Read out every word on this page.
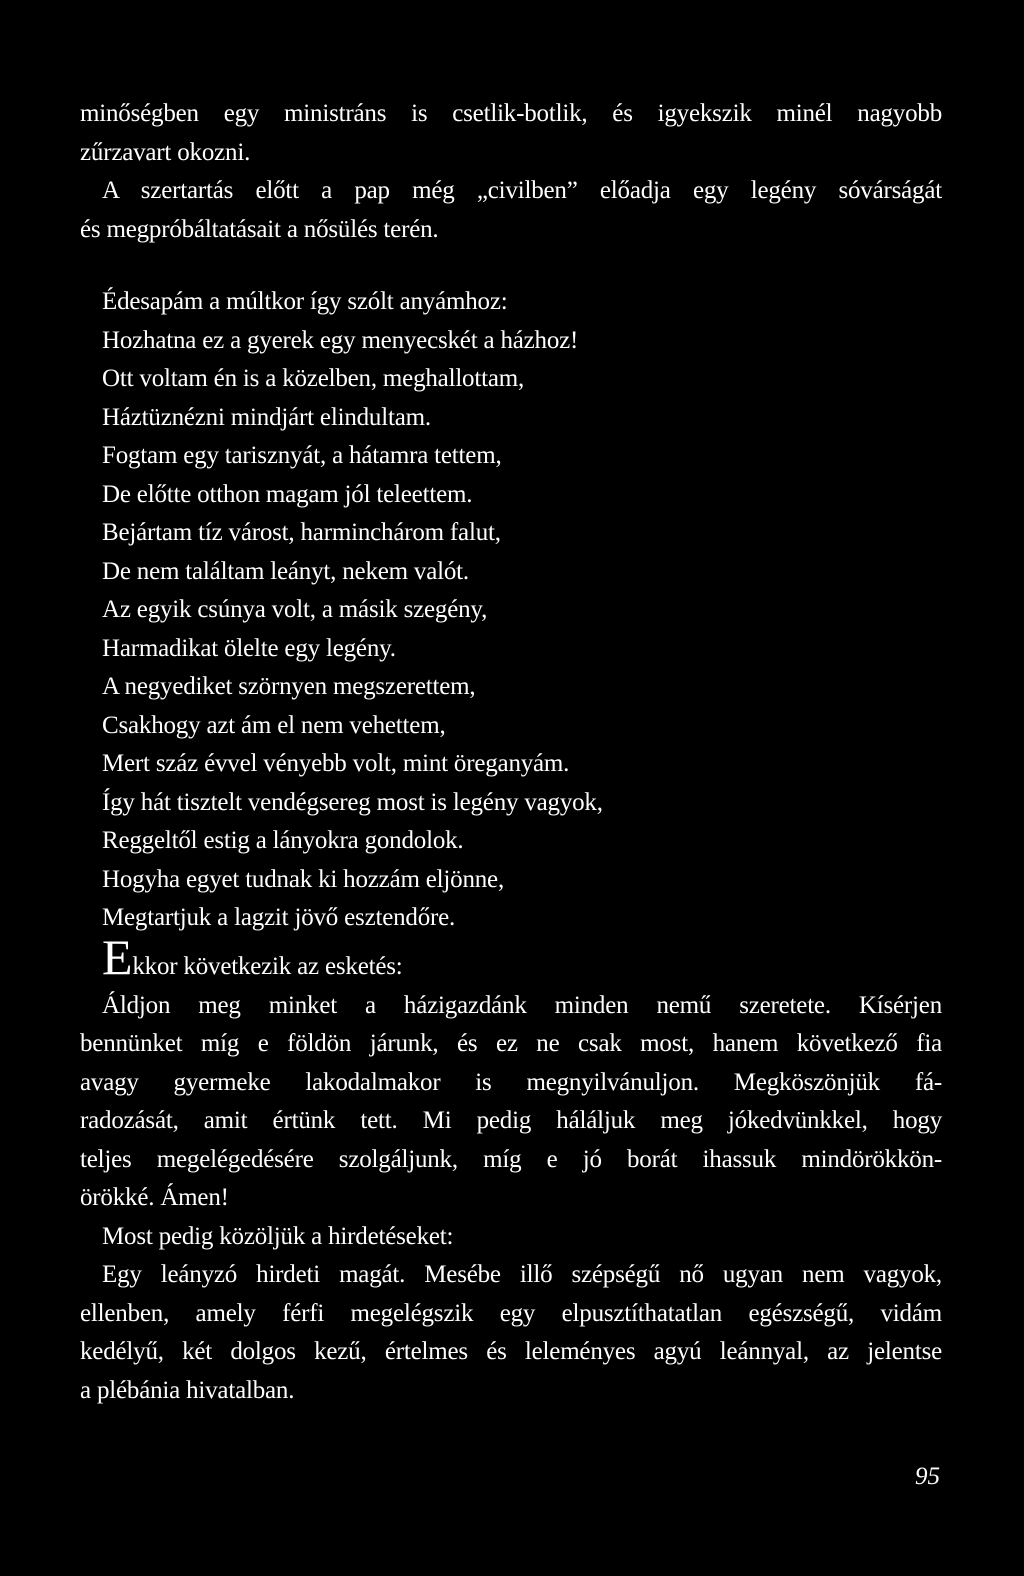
minőségben egy ministráns is csetlik-botlik, és igyekszik minél nagyobb
zűrzavart okozni.
A szertartás előtt a pap még „civilben” előadja egy legény sóvárságát
és megpróbáltatásait a nősülés terén.
Édesapám a múltkor így szólt anyámhoz:
Hozhatna ez a gyerek egy menyecskét a házhoz!
Ott voltam én is a közelben, meghallottam,
Háztüznézni mindjárt elindultam.
Fogtam egy tarisznyát, a hátamra tettem,
De előtte otthon magam jól teleettem.
Bejártam tíz várost, harminchárom falut,
De nem találtam leányt, nekem valót.
Az egyik csúnya volt, a másik szegény,
Harmadikat ölelte egy legény.
A negyediket szörnyen megszerettem,
Csakhogy azt ám el nem vehettem,
Mert száz évvel vényebb volt, mint öreganyám.
Így hát tisztelt vendégsereg most is legény vagyok,
Reggeltől estig a lányokra gondolok.
Hogyha egyet tudnak ki hozzám eljönne,
Megtartjuk a lagzit jövő esztendőre.
Ekkor következik az esketés:
Áldjon meg minket a házigazdánk minden nemű szeretete. Kísérjen
bennünket míg e földön járunk, és ez ne csak most, hanem következő fia
avagy gyermeke lakodalmakor is megnyilvánuljon. Megköszönjük fá-
radozását, amit értünk tett. Mi pedig háláljuk meg jókedvünkkel, hogy
teljes megelégedésére szolgáljunk, míg e jó borát ihassuk mindörökkön-
örökké. Ámen!
Most pedig közöljük a hirdetéseket:
Egy leányzó hirdeti magát. Mesébe illő szépségű nő ugyan nem vagyok,
ellenben, amely férfi megelégszik egy elpusztíthatatlan egészségű, vidám
kedélyű, két dolgos kezű, értelmes és leleményes agyú leánnyal, az jelentse
a plébánia hivatalban.
95
